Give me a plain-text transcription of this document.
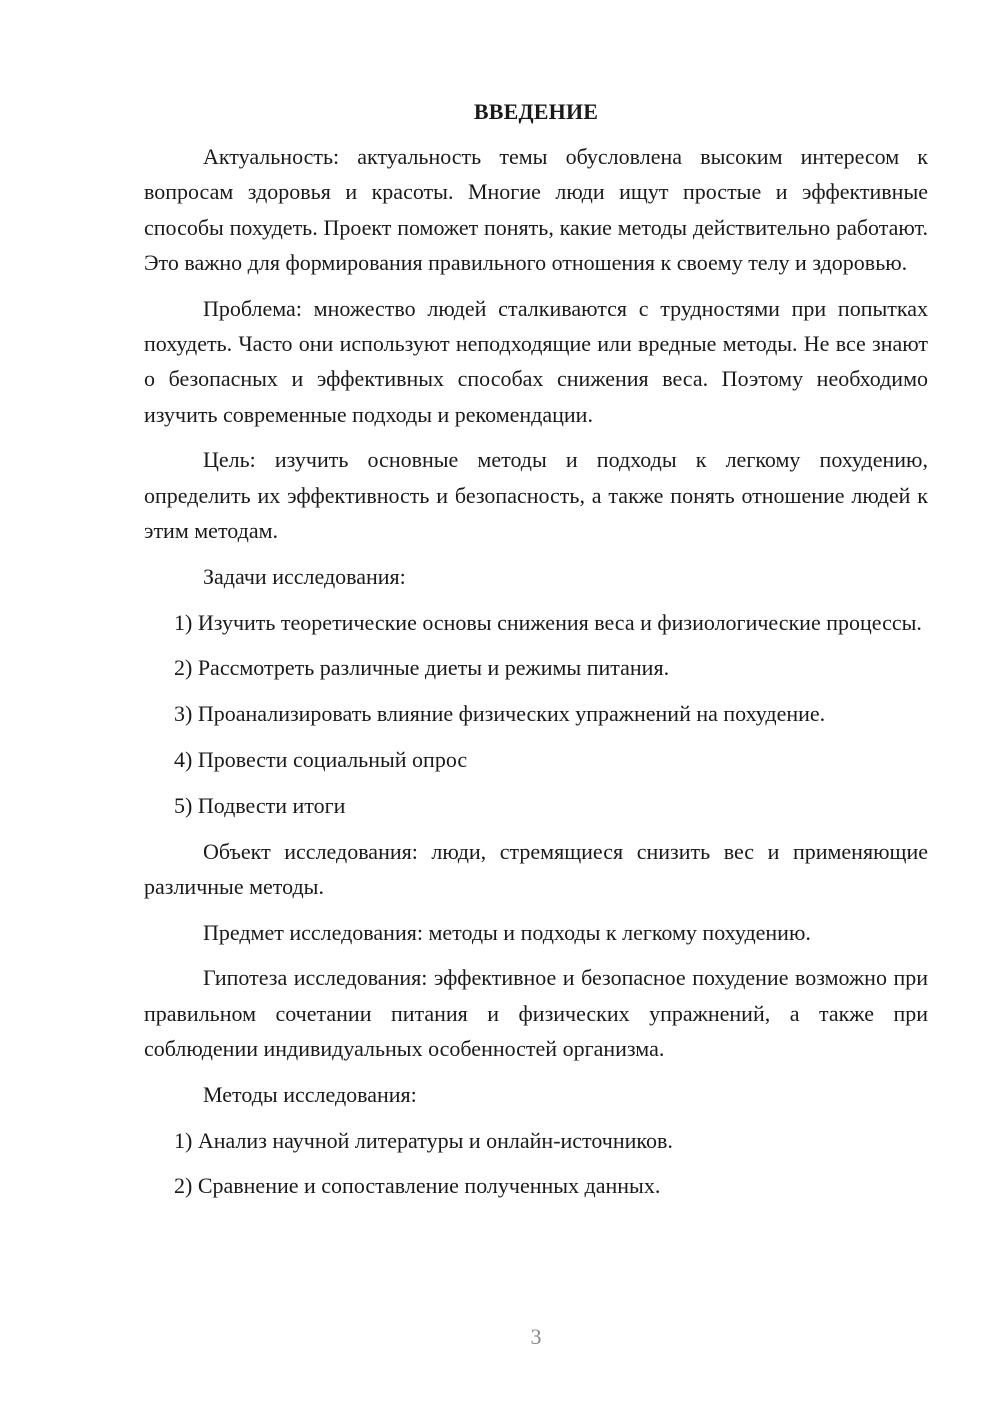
ВВЕДЕНИЕ

Актуальность: актуальность темы обусловлена высоким интересом к вопросам здоровья и красоты. Многие люди ищут простые и эффективные способы похудеть. Проект поможет понять, какие методы действительно работают. Это важно для формирования правильного отношения к своему телу и здоровью.

Проблема: множество людей сталкиваются с трудностями при попытках похудеть. Часто они используют неподходящие или вредные методы. Не все знают о безопасных и эффективных способах снижения веса. Поэтому необходимо изучить современные подходы и рекомендации.

Цель: изучить основные методы и подходы к легкому похудению, определить их эффективность и безопасность, а также понять отношение людей к этим методам.

Задачи исследования:

1) Изучить теоретические основы снижения веса и физиологические процессы.

2) Рассмотреть различные диеты и режимы питания.

3) Проанализировать влияние физических упражнений на похудение.

4) Провести социальный опрос

5) Подвести итоги

Объект исследования: люди, стремящиеся снизить вес и применяющие различные методы.

Предмет исследования: методы и подходы к легкому похудению.

Гипотеза исследования: эффективное и безопасное похудение возможно при правильном сочетании питания и физических упражнений, а также при соблюдении индивидуальных особенностей организма.

Методы исследования:

1) Анализ научной литературы и онлайн-источников.

2) Сравнение и сопоставление полученных данных.

3
